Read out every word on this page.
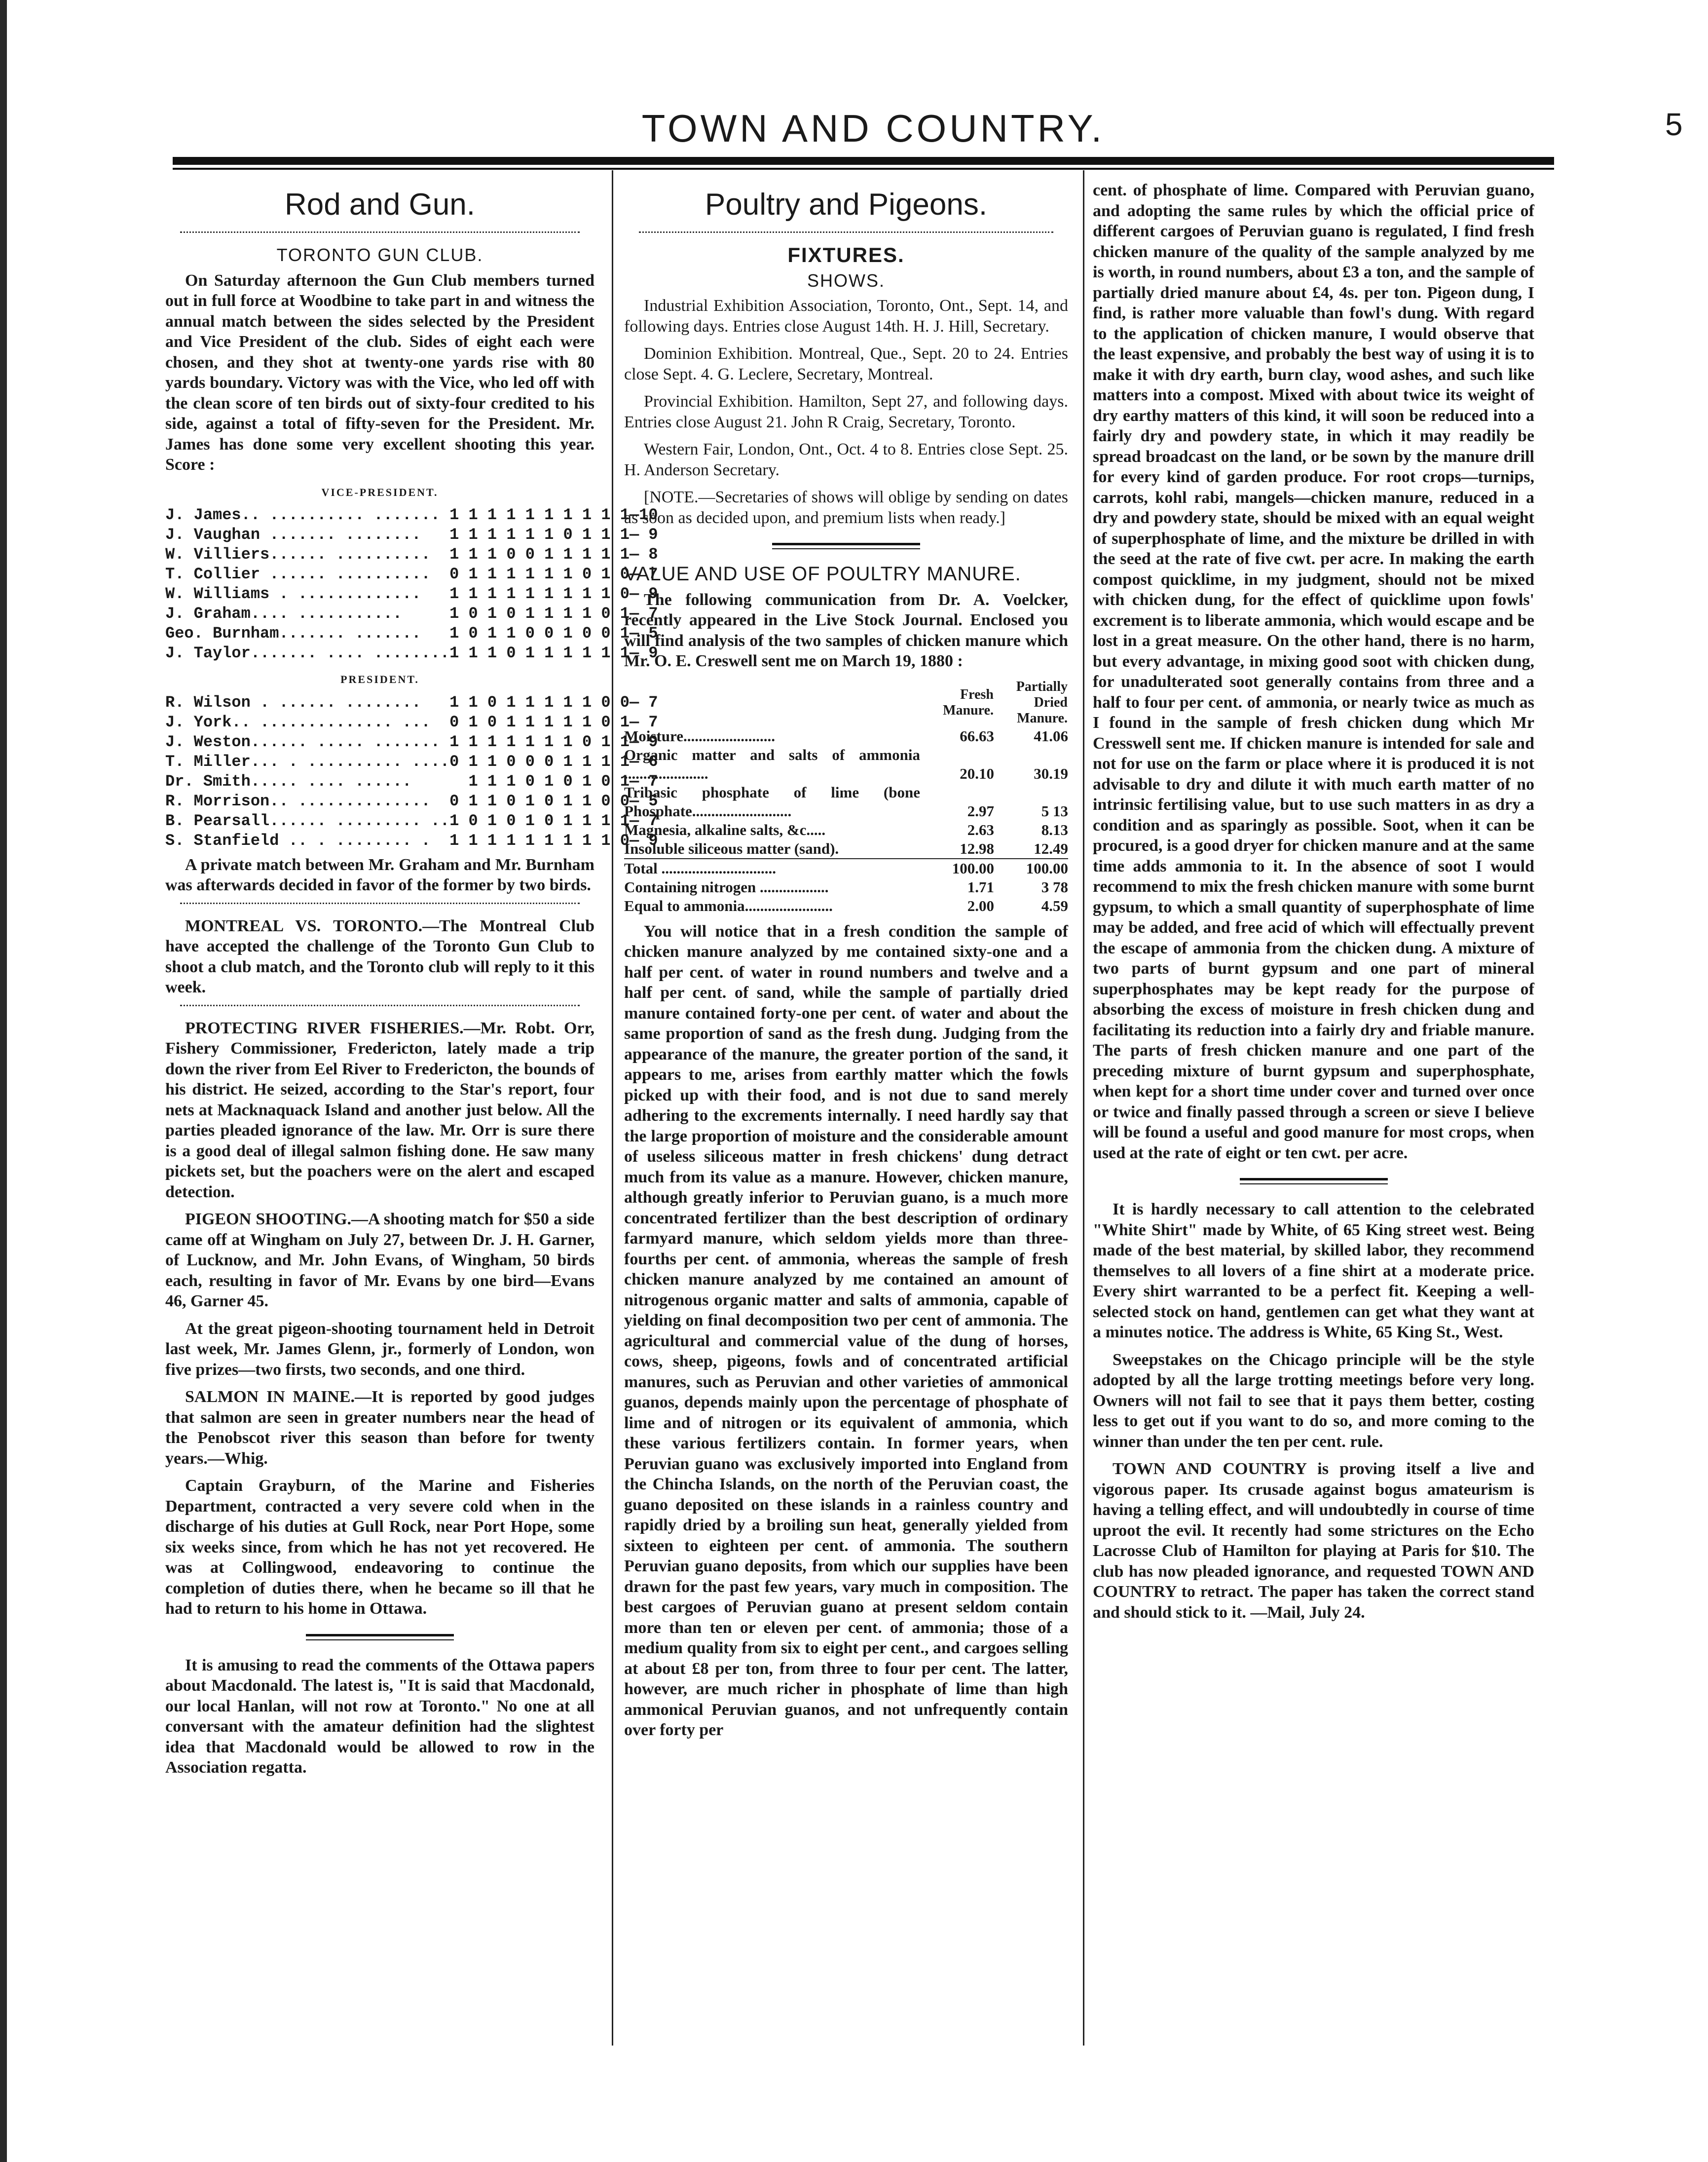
TOWN AND COUNTRY.	5
Rod and Gun.
TORONTO GUN CLUB.

On Saturday afternoon the Gun Club members turned out in full force at Woodbine to take part in and witness the annual match between the sides selected by the President and Vice President of the club. Sides of eight each were chosen, and they shot at twenty-one yards rise with 80 yards boundary. Victory was with the Vice, who led off with the clean score of ten birds out of sixty-four credited to his side, against a total of fifty-seven for the President. Mr. James has done some very excellent shooting this year. Score :

VICE-PRESIDENT.
J. James.. .......... .......	1 1 1 1 1 1 1 1 1 1—10
J. Vaughan ....... ........	1 1 1 1 1 1 0 1 1 1— 9
W. Villiers...... ..........	1 1 1 0 0 1 1 1 1 1— 8
T. Collier ...... ..........	0 1 1 1 1 1 1 0 1 0— 7
W. Williams . .............	1 1 1 1 1 1 1 1 1 0— 9
J. Graham.... ...........	1 0 1 0 1 1 1 1 0 1— 7
Geo. Burnham....... .......	1 0 1 1 0 0 1 0 0 1— 5
J. Taylor....... .... ........	1 1 1 0 1 1 1 1 1 1— 9
PRESIDENT.
R. Wilson . ...... ........	1 1 0 1 1 1 1 1 0 0— 7
J. York.. .............. ...	0 1 0 1 1 1 1 1 0 1— 7
J. Weston...... ..... .......	1 1 1 1 1 1 1 0 1 1— 9
T. Miller... . .......... ....	0 1 1 0 0 0 1 1 1 1— 6
Dr. Smith..... .... ......	1 1 1 0 1 0 1 0 1— 7
R. Morrison.. ..............	0 1 1 0 1 0 1 1 0 0— 5
B. Pearsall...... ......... ..	1 0 1 0 1 0 1 1 1 1— 7
S. Stanfield .. . ........ .	1 1 1 1 1 1 1 1 1 0— 9

A private match between Mr. Graham and Mr. Burnham was afterwards decided in favor of the former by two birds.

MONTREAL VS. TORONTO.—The Montreal Club have accepted the challenge of the Toronto Gun Club to shoot a club match, and the Toronto club will reply to it this week.

PROTECTING RIVER FISHERIES.—Mr. Robt. Orr, Fishery Commissioner, Fredericton, lately made a trip down the river from Eel River to Fredericton, the bounds of his district. He seized, according to the Star's report, four nets at Macknaquack Island and another just below. All the parties pleaded ignorance of the law. Mr. Orr is sure there is a good deal of illegal salmon fishing done. He saw many pickets set, but the poachers were on the alert and escaped detection.

PIGEON SHOOTING.—A shooting match for $50 a side came off at Wingham on July 27, between Dr. J. H. Garner, of Lucknow, and Mr. John Evans, of Wingham, 50 birds each, resulting in favor of Mr. Evans by one bird—Evans 46, Garner 45.

At the great pigeon-shooting tournament held in Detroit last week, Mr. James Glenn, jr., formerly of London, won five prizes—two firsts, two seconds, and one third.

SALMON IN MAINE.—It is reported by good judges that salmon are seen in greater numbers near the head of the Penobscot river this season than before for twenty years.—Whig.

Captain Grayburn, of the Marine and Fisheries Department, contracted a very severe cold when in the discharge of his duties at Gull Rock, near Port Hope, some six weeks since, from which he has not yet recovered. He was at Collingwood, endeavoring to continue the completion of duties there, when he became so ill that he had to return to his home in Ottawa.

It is amusing to read the comments of the Ottawa papers about Macdonald. The latest is, "It is said that Macdonald, our local Hanlan, will not row at Toronto." No one at all conversant with the amateur definition had the slightest idea that Macdonald would be allowed to row in the Association regatta.

Poultry and Pigeons.
FIXTURES.
SHOWS.

Industrial Exhibition Association, Toronto, Ont., Sept. 14, and following days. Entries close August 14th. H. J. Hill, Secretary.

Dominion Exhibition. Montreal, Que., Sept. 20 to 24. Entries close Sept. 4. G. Leclere, Secretary, Montreal.

Provincial Exhibition. Hamilton, Sept 27, and following days. Entries close August 21. John R Craig, Secretary, Toronto.

Western Fair, London, Ont., Oct. 4 to 8. Entries close Sept. 25. H. Anderson Secretary.

[NOTE.—Secretaries of shows will oblige by sending on dates as soon as decided upon, and premium lists when ready.]

VALUE AND USE OF POULTRY MANURE.

The following communication from Dr. A. Voelcker, recently appeared in the Live Stock Journal. Enclosed you will find analysis of the two samples of chicken manure which Mr. O. E. Creswell sent me on March 19, 1880 :

	Fresh Manure.	Partially Dried Manure.
Moisture........................	66.63	41.06
Organic matter and salts of ammonia ......................	20.10	30.19
Tribasic phosphate of lime (bone Phosphate..........................	2.97	5 13
Magnesia, alkaline salts, &c.....	2.63	8.13
Insoluble siliceous matter (sand).	12.98	12.49
Total ..............................	100.00	100.00
Containing nitrogen ..................	1.71	3 78
Equal to ammonia.......................	2.00	4.59

You will notice that in a fresh condition the sample of chicken manure analyzed by me contained sixty-one and a half per cent. of water in round numbers and twelve and a half per cent. of sand, while the sample of partially dried manure contained forty-one per cent. of water and about the same proportion of sand as the fresh dung. Judging from the appearance of the manure, the greater portion of the sand, it appears to me, arises from earthly matter which the fowls picked up with their food, and is not due to sand merely adhering to the excrements internally. I need hardly say that the large proportion of moisture and the considerable amount of useless siliceous matter in fresh chickens' dung detract much from its value as a manure. However, chicken manure, although greatly inferior to Peruvian guano, is a much more concentrated fertilizer than the best description of ordinary farmyard manure, which seldom yields more than three-fourths per cent. of ammonia, whereas the sample of fresh chicken manure analyzed by me contained an amount of nitrogenous organic matter and salts of ammonia, capable of yielding on final decomposition two per cent of ammonia. The agricultural and commercial value of the dung of horses, cows, sheep, pigeons, fowls and of concentrated artificial manures, such as Peruvian and other varieties of ammonical guanos, depends mainly upon the percentage of phosphate of lime and of nitrogen or its equivalent of ammonia, which these various fertilizers contain. In former years, when Peruvian guano was exclusively imported into England from the Chincha Islands, on the north of the Peruvian coast, the guano deposited on these islands in a rainless country and rapidly dried by a broiling sun heat, generally yielded from sixteen to eighteen per cent. of ammonia. The southern Peruvian guano deposits, from which our supplies have been drawn for the past few years, vary much in composition. The best cargoes of Peruvian guano at present seldom contain more than ten or eleven per cent. of ammonia; those of a medium quality from six to eight per cent., and cargoes selling at about £8 per ton, from three to four per cent. The latter, however, are much richer in phosphate of lime than high ammonical Peruvian guanos, and not unfrequently contain over forty per

cent. of phosphate of lime. Compared with Peruvian guano, and adopting the same rules by which the official price of different cargoes of Peruvian guano is regulated, I find fresh chicken manure of the quality of the sample analyzed by me is worth, in round numbers, about £3 a ton, and the sample of partially dried manure about £4, 4s. per ton. Pigeon dung, I find, is rather more valuable than fowl's dung. With regard to the application of chicken manure, I would observe that the least expensive, and probably the best way of using it is to make it with dry earth, burn clay, wood ashes, and such like matters into a compost. Mixed with about twice its weight of dry earthy matters of this kind, it will soon be reduced into a fairly dry and powdery state, in which it may readily be spread broadcast on the land, or be sown by the manure drill for every kind of garden produce. For root crops—turnips, carrots, kohl rabi, mangels—chicken manure, reduced in a dry and powdery state, should be mixed with an equal weight of superphosphate of lime, and the mixture be drilled in with the seed at the rate of five cwt. per acre. In making the earth compost quicklime, in my judgment, should not be mixed with chicken dung, for the effect of quicklime upon fowls' excrement is to liberate ammonia, which would escape and be lost in a great measure. On the other hand, there is no harm, but every advantage, in mixing good soot with chicken dung, for unadulterated soot generally contains from three and a half to four per cent. of ammonia, or nearly twice as much as I found in the sample of fresh chicken dung which Mr Cresswell sent me. If chicken manure is intended for sale and not for use on the farm or place where it is produced it is not advisable to dry and dilute it with much earth matter of no intrinsic fertilising value, but to use such matters in as dry a condition and as sparingly as possible. Soot, when it can be procured, is a good dryer for chicken manure and at the same time adds ammonia to it. In the absence of soot I would recommend to mix the fresh chicken manure with some burnt gypsum, to which a small quantity of superphosphate of lime may be added, and free acid of which will effectually prevent the escape of ammonia from the chicken dung. A mixture of two parts of burnt gypsum and one part of mineral superphosphates may be kept ready for the purpose of absorbing the excess of moisture in fresh chicken dung and facilitating its reduction into a fairly dry and friable manure. The parts of fresh chicken manure and one part of the preceding mixture of burnt gypsum and superphosphate, when kept for a short time under cover and turned over once or twice and finally passed through a screen or sieve I believe will be found a useful and good manure for most crops, when used at the rate of eight or ten cwt. per acre.

It is hardly necessary to call attention to the celebrated "White Shirt" made by White, of 65 King street west. Being made of the best material, by skilled labor, they recommend themselves to all lovers of a fine shirt at a moderate price. Every shirt warranted to be a perfect fit. Keeping a well-selected stock on hand, gentlemen can get what they want at a minutes notice. The address is White, 65 King St., West.

Sweepstakes on the Chicago principle will be the style adopted by all the large trotting meetings before very long. Owners will not fail to see that it pays them better, costing less to get out if you want to do so, and more coming to the winner than under the ten per cent. rule.

TOWN AND COUNTRY is proving itself a live and vigorous paper. Its crusade against bogus amateurism is having a telling effect, and will undoubtedly in course of time uproot the evil. It recently had some strictures on the Echo Lacrosse Club of Hamilton for playing at Paris for $10. The club has now pleaded ignorance, and requested TOWN AND COUNTRY to retract. The paper has taken the correct stand and should stick to it. —Mail, July 24.
